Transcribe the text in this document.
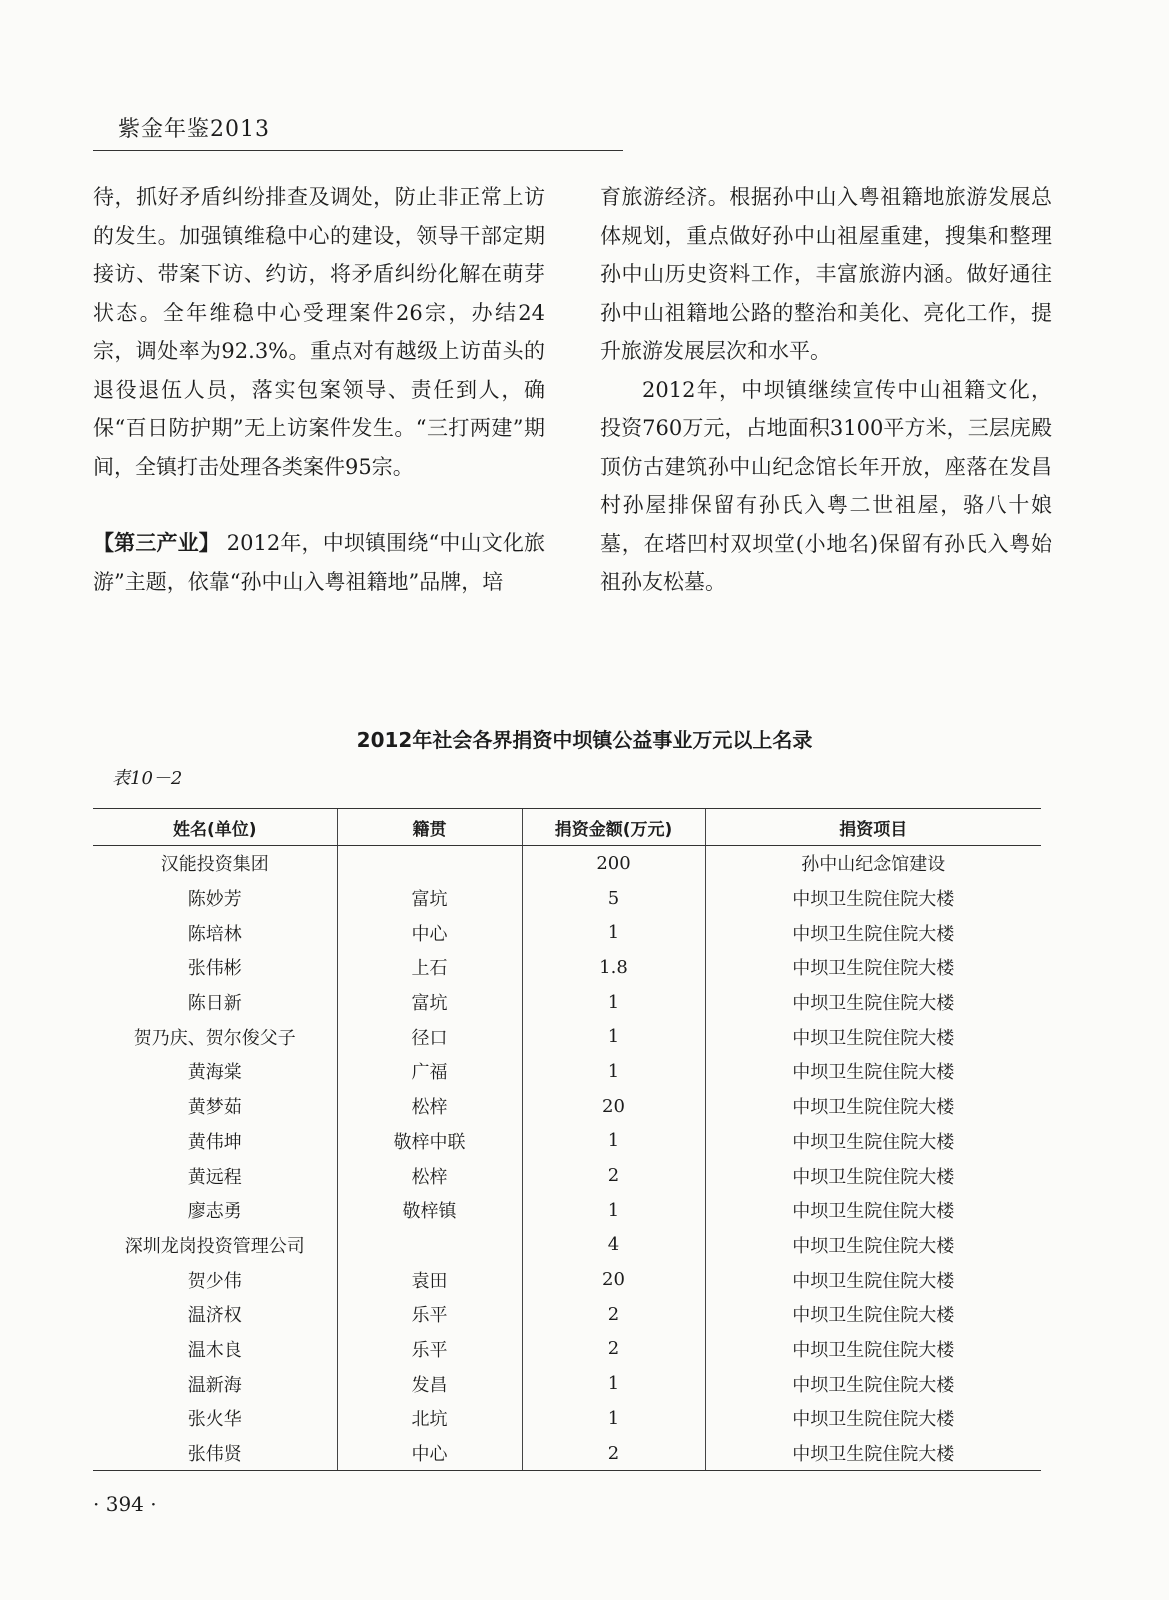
紫金年鉴2013

待，抓好矛盾纠纷排查及调处，防止非正常上访的发生。加强镇维稳中心的建设，领导干部定期接访、带案下访、约访，将矛盾纠纷化解在萌芽状态。全年维稳中心受理案件26宗，办结24宗，调处率为92.3%。重点对有越级上访苗头的退役退伍人员，落实包案领导、责任到人，确保“百日防护期”无上访案件发生。“三打两建”期间，全镇打击处理各类案件95宗。

【第三产业】 2012年，中坝镇围绕“中山文化旅游”主题，依靠“孙中山入粤祖籍地”品牌，培

育旅游经济。根据孙中山入粤祖籍地旅游发展总体规划，重点做好孙中山祖屋重建，搜集和整理孙中山历史资料工作，丰富旅游内涵。做好通往孙中山祖籍地公路的整治和美化、亮化工作，提升旅游发展层次和水平。

2012年，中坝镇继续宣传中山祖籍文化，投资760万元，占地面积3100平方米，三层庑殿顶仿古建筑孙中山纪念馆长年开放，座落在发昌村孙屋排保留有孙氏入粤二世祖屋，骆八十娘墓，在塔凹村双坝堂(小地名)保留有孙氏入粤始祖孙友松墓。

2012年社会各界捐资中坝镇公益事业万元以上名录
表10－2
姓名(单位)	籍贯	捐资金额(万元)	捐资项目
汉能投资集团		200	孙中山纪念馆建设
陈妙芳	富坑	5	中坝卫生院住院大楼
陈培林	中心	1	中坝卫生院住院大楼
张伟彬	上石	1.8	中坝卫生院住院大楼
陈日新	富坑	1	中坝卫生院住院大楼
贺乃庆、贺尔俊父子	径口	1	中坝卫生院住院大楼
黄海棠	广福	1	中坝卫生院住院大楼
黄梦茹	松梓	20	中坝卫生院住院大楼
黄伟坤	敬梓中联	1	中坝卫生院住院大楼
黄远程	松梓	2	中坝卫生院住院大楼
廖志勇	敬梓镇	1	中坝卫生院住院大楼
深圳龙岗投资管理公司		4	中坝卫生院住院大楼
贺少伟	袁田	20	中坝卫生院住院大楼
温济权	乐平	2	中坝卫生院住院大楼
温木良	乐平	2	中坝卫生院住院大楼
温新海	发昌	1	中坝卫生院住院大楼
张火华	北坑	1	中坝卫生院住院大楼
张伟贤	中心	2	中坝卫生院住院大楼
· 394 ·
